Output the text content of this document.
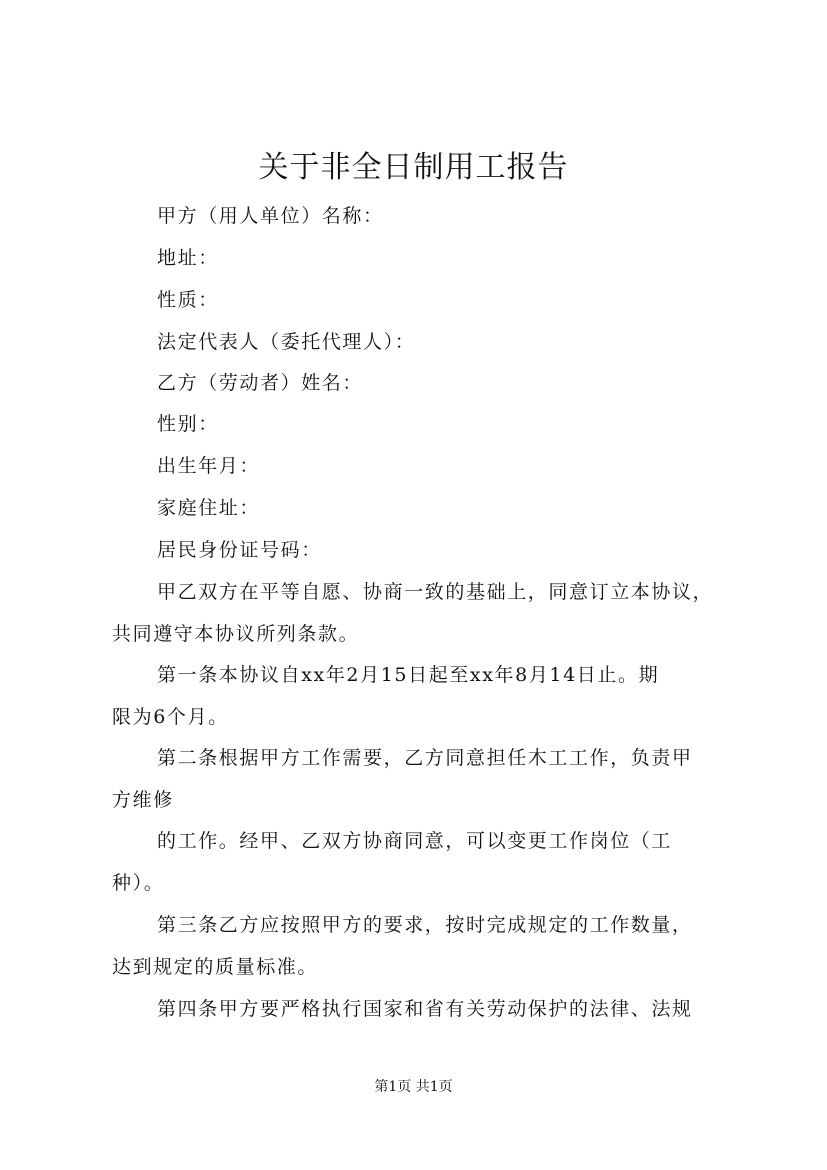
关于非全日制用工报告
甲方（用人单位）名称：
地址：
性质：
法定代表人（委托代理人）：
乙方（劳动者）姓名：
性别：
出生年月：
家庭住址：
居民身份证号码：
甲乙双方在平等自愿、协商一致的基础上，同意订立本协议，
共同遵守本协议所列条款。
第一条本协议自xx年2月15日起至xx年8月14日止。期
限为6个月。
第二条根据甲方工作需要，乙方同意担任木工工作，负责甲
方维修
的工作。经甲、乙双方协商同意，可以变更工作岗位（工
种）。
第三条乙方应按照甲方的要求，按时完成规定的工作数量，
达到规定的质量标准。
第四条甲方要严格执行国家和省有关劳动保护的法律、法规
第1页 共1页
